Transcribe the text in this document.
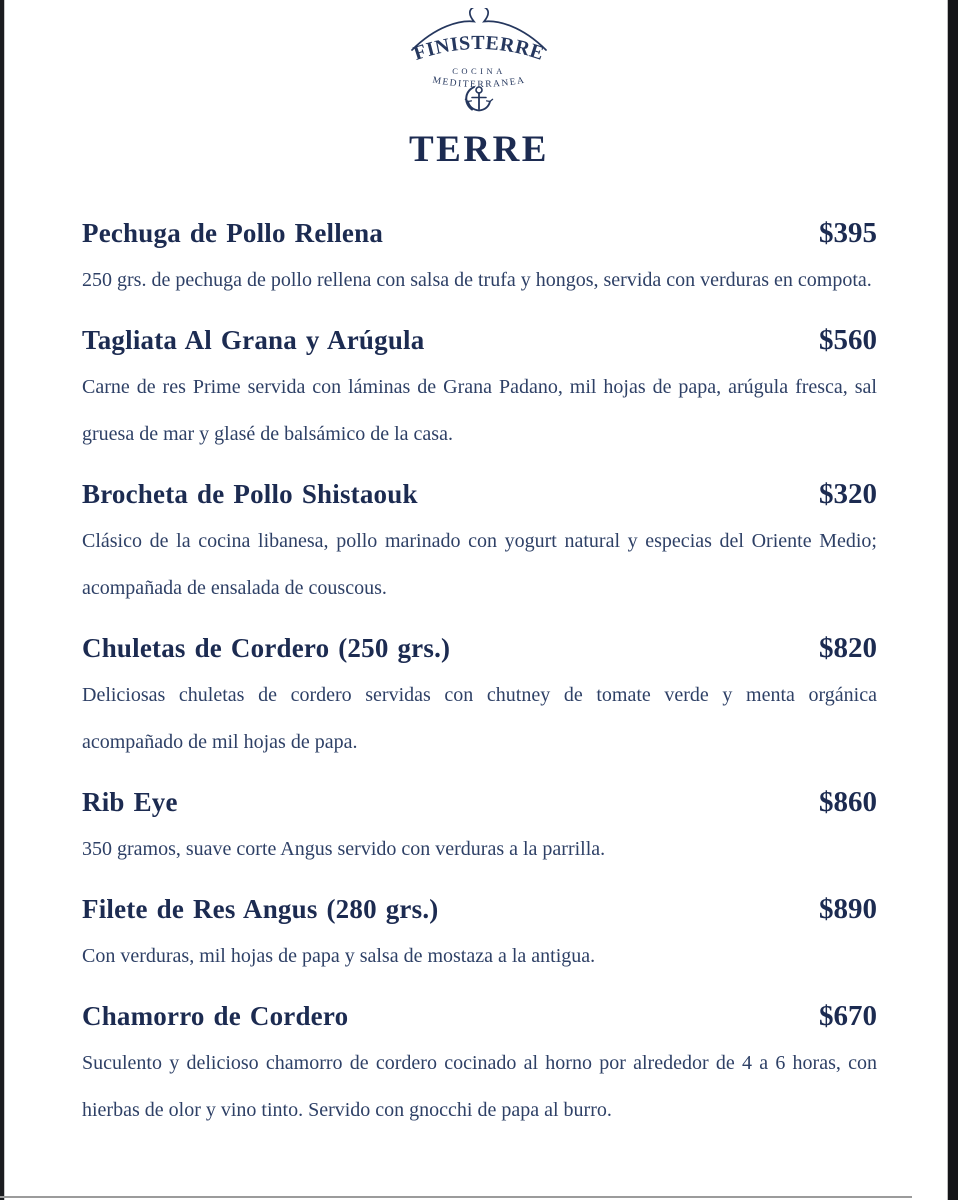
FINISTERRE
COCINA
MEDITERRANEA
TERRE
Pechuga de Pollo Rellena	$395

250 grs. de pechuga de pollo rellena con salsa de trufa y hongos, servida con verduras en compota.

Tagliata Al Grana y Arúgula	$560

Carne de res Prime servida con láminas de Grana Padano, mil hojas de papa, arúgula fresca, sal gruesa de mar y glasé de balsámico de la casa.

Brocheta de Pollo Shistaouk	$320

Clásico de la cocina libanesa, pollo marinado con yogurt natural y especias del Oriente Medio; acompañada de ensalada de couscous.

Chuletas de Cordero (250 grs.)	$820

Deliciosas chuletas de cordero servidas con chutney de tomate verde y menta orgánica acompañado de mil hojas de papa.

Rib Eye	$860

350 gramos, suave corte Angus servido con verduras a la parrilla.

Filete de Res Angus (280 grs.)	$890

Con verduras, mil hojas de papa y salsa de mostaza a la antigua.

Chamorro de Cordero	$670

Suculento y delicioso chamorro de cordero cocinado al horno por alrededor de 4 a 6 horas, con hierbas de olor y vino tinto. Servido con gnocchi de papa al burro.
